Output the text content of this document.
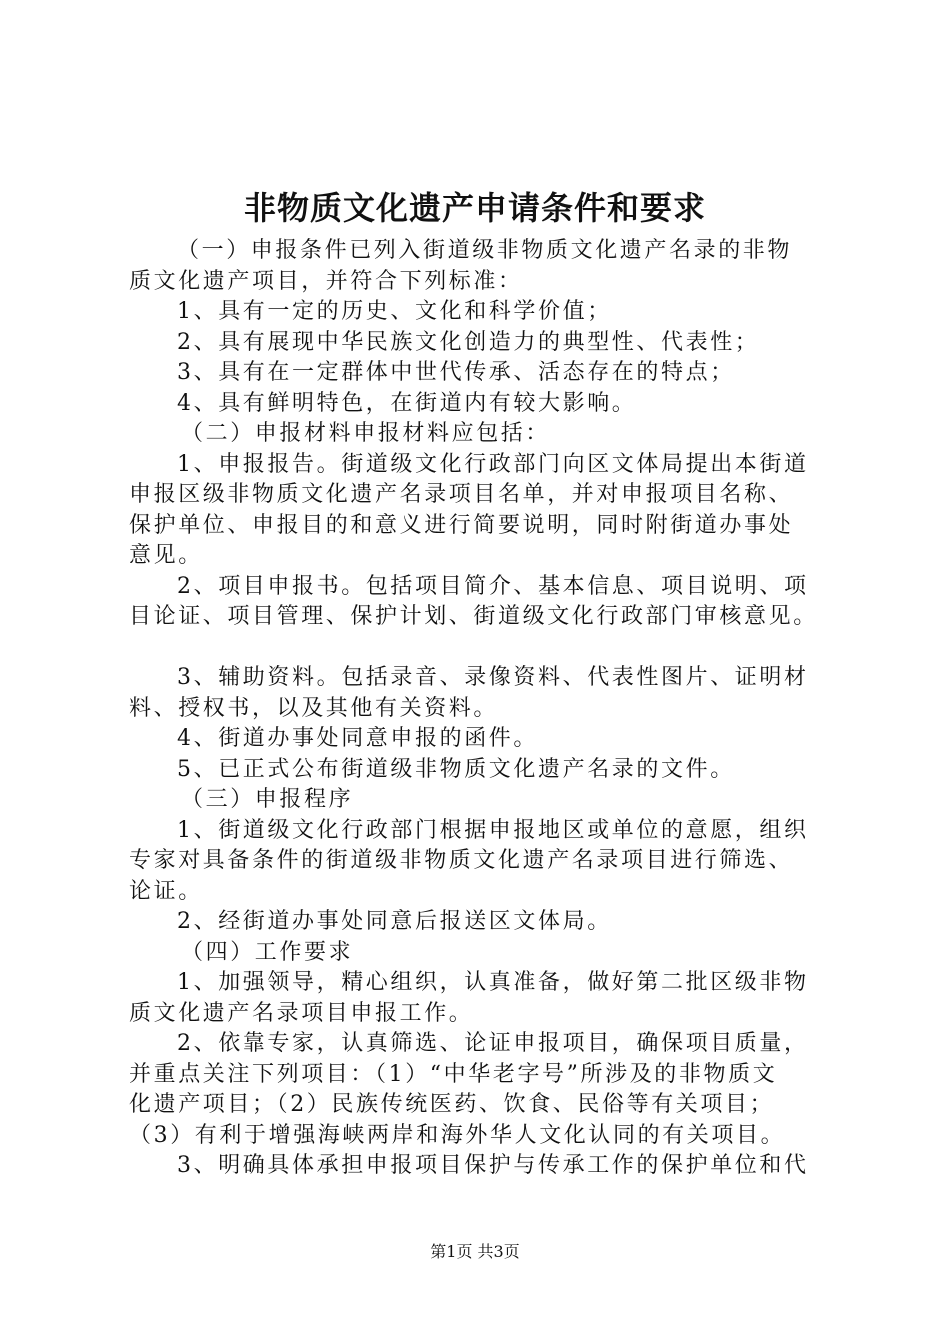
非物质文化遗产申请条件和要求
（一）申报条件已列入街道级非物质文化遗产名录的非物
质文化遗产项目，并符合下列标准：
1、具有一定的历史、文化和科学价值；
2、具有展现中华民族文化创造力的典型性、代表性；
3、具有在一定群体中世代传承、活态存在的特点；
4、具有鲜明特色，在街道内有较大影响。
（二）申报材料申报材料应包括：
1、申报报告。街道级文化行政部门向区文体局提出本街道
申报区级非物质文化遗产名录项目名单，并对申报项目名称、
保护单位、申报目的和意义进行简要说明，同时附街道办事处
意见。
2、项目申报书。包括项目简介、基本信息、项目说明、项
目论证、项目管理、保护计划、街道级文化行政部门审核意见。
3、辅助资料。包括录音、录像资料、代表性图片、证明材
料、授权书，以及其他有关资料。
4、街道办事处同意申报的函件。
5、已正式公布街道级非物质文化遗产名录的文件。
（三）申报程序
1、街道级文化行政部门根据申报地区或单位的意愿，组织
专家对具备条件的街道级非物质文化遗产名录项目进行筛选、
论证。
2、经街道办事处同意后报送区文体局。
（四）工作要求
1、加强领导，精心组织，认真准备，做好第二批区级非物
质文化遗产名录项目申报工作。
2、依靠专家，认真筛选、论证申报项目，确保项目质量，
并重点关注下列项目：（1）“中华老字号”所涉及的非物质文
化遗产项目；（2）民族传统医药、饮食、民俗等有关项目；
（3）有利于增强海峡两岸和海外华人文化认同的有关项目。
3、明确具体承担申报项目保护与传承工作的保护单位和代
第1页 共3页
